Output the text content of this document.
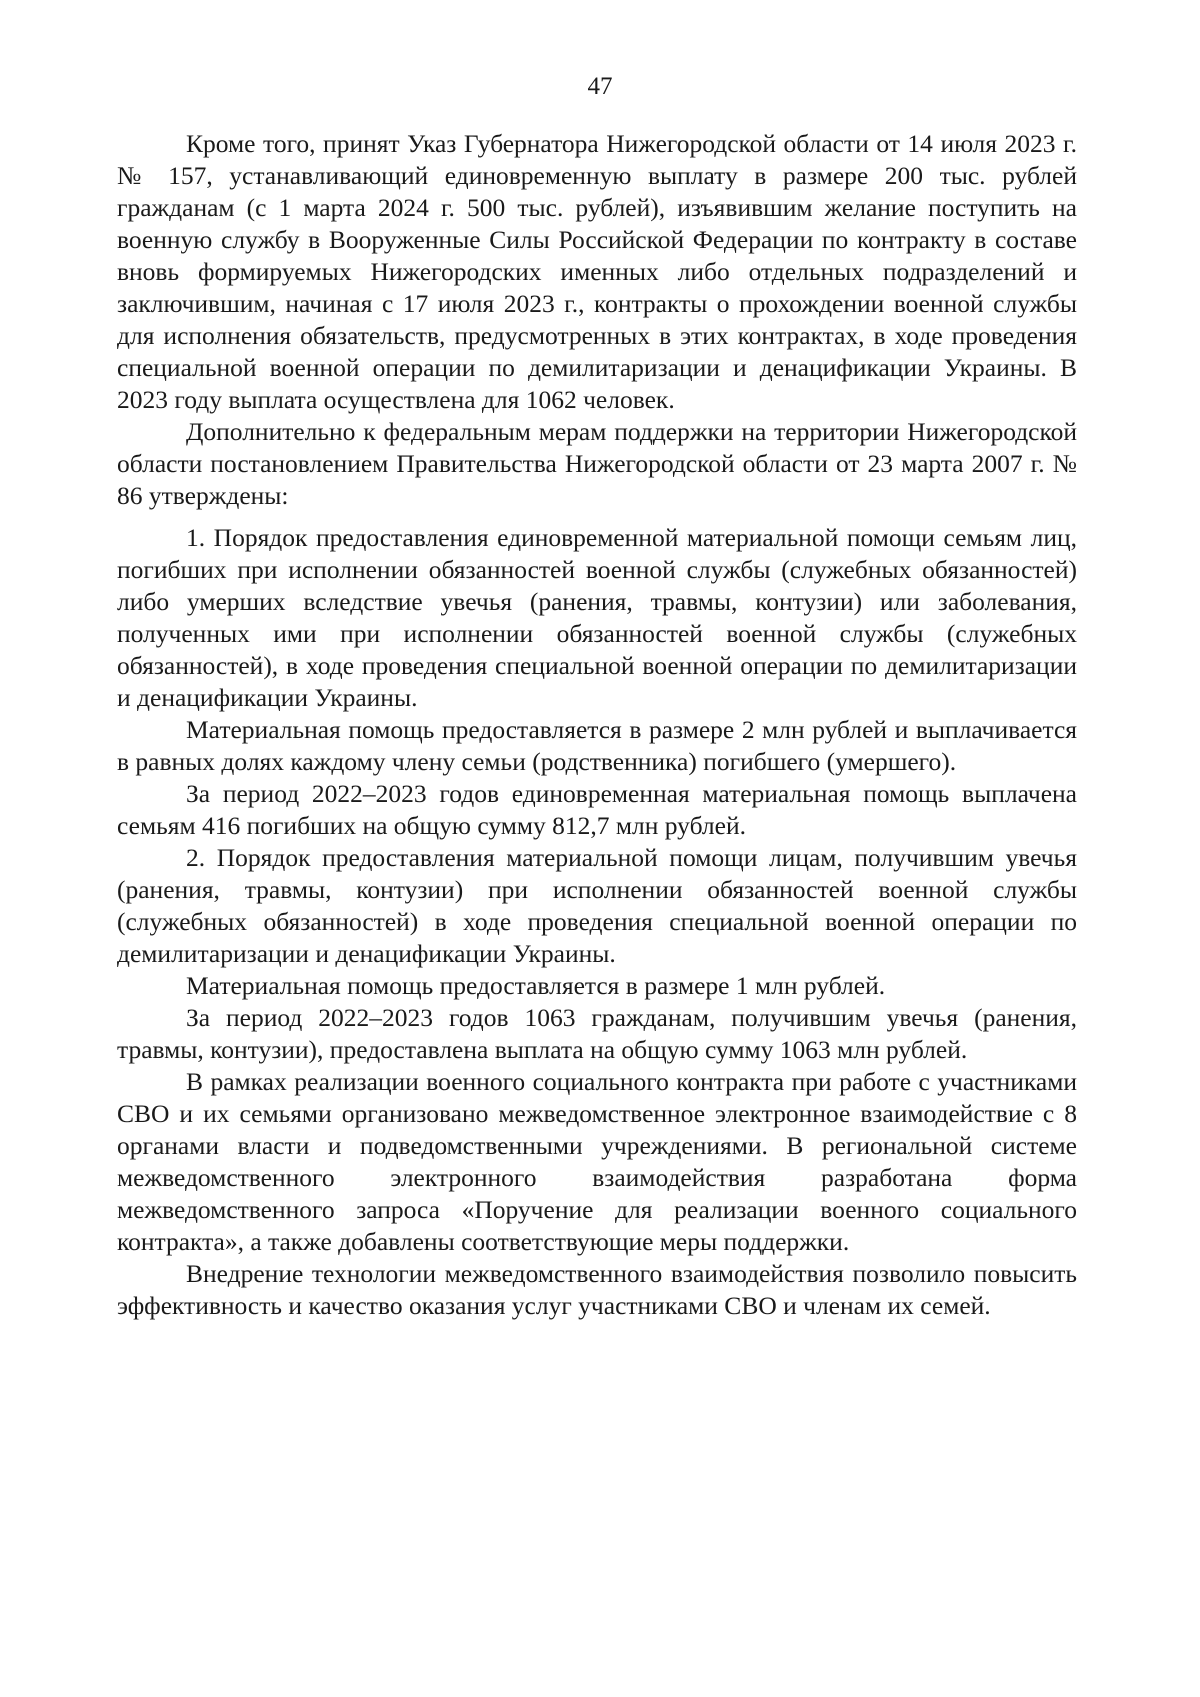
47

Кроме того, принят Указ Губернатора Нижегородской области от 14 июля 2023 г. № 157, устанавливающий единовременную выплату в размере 200 тыс. рублей гражданам (с 1 марта 2024 г. 500 тыс. рублей), изъявившим желание поступить на военную службу в Вооруженные Силы Российской Федерации по контракту в составе вновь формируемых Нижегородских именных либо отдельных подразделений и заключившим, начиная с 17 июля 2023 г., контракты о прохождении военной службы для исполнения обязательств, предусмотренных в этих контрактах, в ходе проведения специальной военной операции по демилитаризации и денацификации Украины. В 2023 году выплата осуществлена для 1062 человек.

Дополнительно к федеральным мерам поддержки на территории Нижегородской области постановлением Правительства Нижегородской области от 23 марта 2007 г. № 86 утверждены:

1. Порядок предоставления единовременной материальной помощи семьям лиц, погибших при исполнении обязанностей военной службы (служебных обязанностей) либо умерших вследствие увечья (ранения, травмы, контузии) или заболевания, полученных ими при исполнении обязанностей военной службы (служебных обязанностей), в ходе проведения специальной военной операции по демилитаризации и денацификации Украины.

Материальная помощь предоставляется в размере 2 млн рублей и выплачивается в равных долях каждому члену семьи (родственника) погибшего (умершего).

За период 2022–2023 годов единовременная материальная помощь выплачена семьям 416 погибших на общую сумму 812,7 млн рублей.

2. Порядок предоставления материальной помощи лицам, получившим увечья (ранения, травмы, контузии) при исполнении обязанностей военной службы (служебных обязанностей) в ходе проведения специальной военной операции по демилитаризации и денацификации Украины.

Материальная помощь предоставляется в размере 1 млн рублей.

За период 2022–2023 годов 1063 гражданам, получившим увечья (ранения, травмы, контузии), предоставлена выплата на общую сумму 1063 млн рублей.

В рамках реализации военного социального контракта при работе с участниками СВО и их семьями организовано межведомственное электронное взаимодействие с 8 органами власти и подведомственными учреждениями. В региональной системе межведомственного электронного взаимодействия разработана форма межведомственного запроса «Поручение для реализации военного социального контракта», а также добавлены соответствующие меры поддержки.

Внедрение технологии межведомственного взаимодействия позволило повысить эффективность и качество оказания услуг участниками СВО и членам их семей.
